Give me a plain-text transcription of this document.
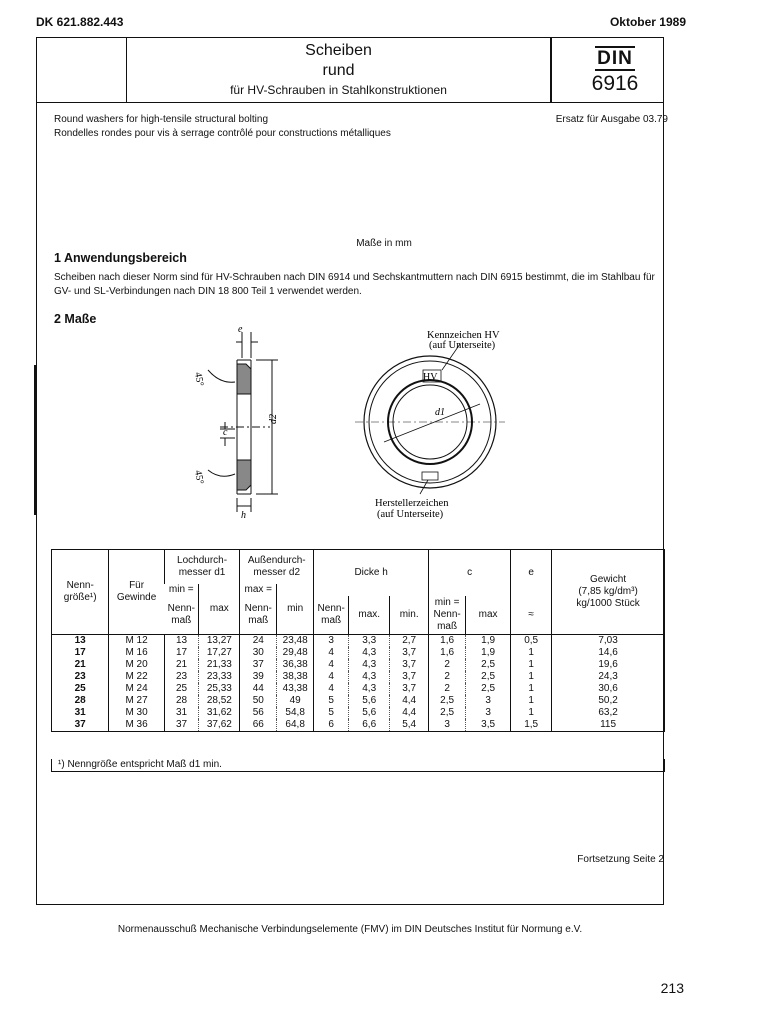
DK 621.882.443	Oktober 1989
Scheiben
rund
für HV-Schrauben in Stahlkonstruktionen
DIN
6916
Round washers for high-tensile structural bolting
Rondelles rondes pour vis à serrage contrôlé pour constructions métalliques
Ersatz für Ausgabe 03.79
Maße in mm
1 Anwendungsbereich
Scheiben nach dieser Norm sind für HV-Schrauben nach DIN 6914 und Sechskantmuttern nach DIN 6915 bestimmt, die im Stahlbau für GV- und SL-Verbindungen nach DIN 18 800 Teil 1 verwendet werden.
2 Maße
e
c
h
d2
45°
45°
HV
d1
Kennzeichen HV
(auf Unterseite)
Herstellerzeichen
(auf Unterseite)
Nenn-
größe¹)	Für
Gewinde	Lochdurch-
messer d1		Außendurch-
messer d2		Dicke h			c		e	Gewicht
(7,85 kg/dm³)
kg/1000 Stück
		min =	max	max =	min							
		Nenn-
maß		Nenn-
maß		Nenn-
maß	max.	min.	min =
Nenn-
maß	max	≈	
13	M 12	13	13,27	24	23,48	3	3,3	2,7	1,6	1,9	0,5	7,03
17	M 16	17	17,27	30	29,48	4	4,3	3,7	1,6	1,9	1	14,6
21	M 20	21	21,33	37	36,38	4	4,3	3,7	2	2,5	1	19,6
23	M 22	23	23,33	39	38,38	4	4,3	3,7	2	2,5	1	24,3
25	M 24	25	25,33	44	43,38	4	4,3	3,7	2	2,5	1	30,6
28	M 27	28	28,52	50	49	5	5,6	4,4	2,5	3	1	50,2
31	M 30	31	31,62	56	54,8	5	5,6	4,4	2,5	3	1	63,2
37	M 36	37	37,62	66	64,8	6	6,6	5,4	3	3,5	1,5	115
¹) Nenngröße entspricht Maß d1 min.
Fortsetzung Seite 2
Normenausschuß Mechanische Verbindungselemente (FMV) im DIN Deutsches Institut für Normung e.V.
213
